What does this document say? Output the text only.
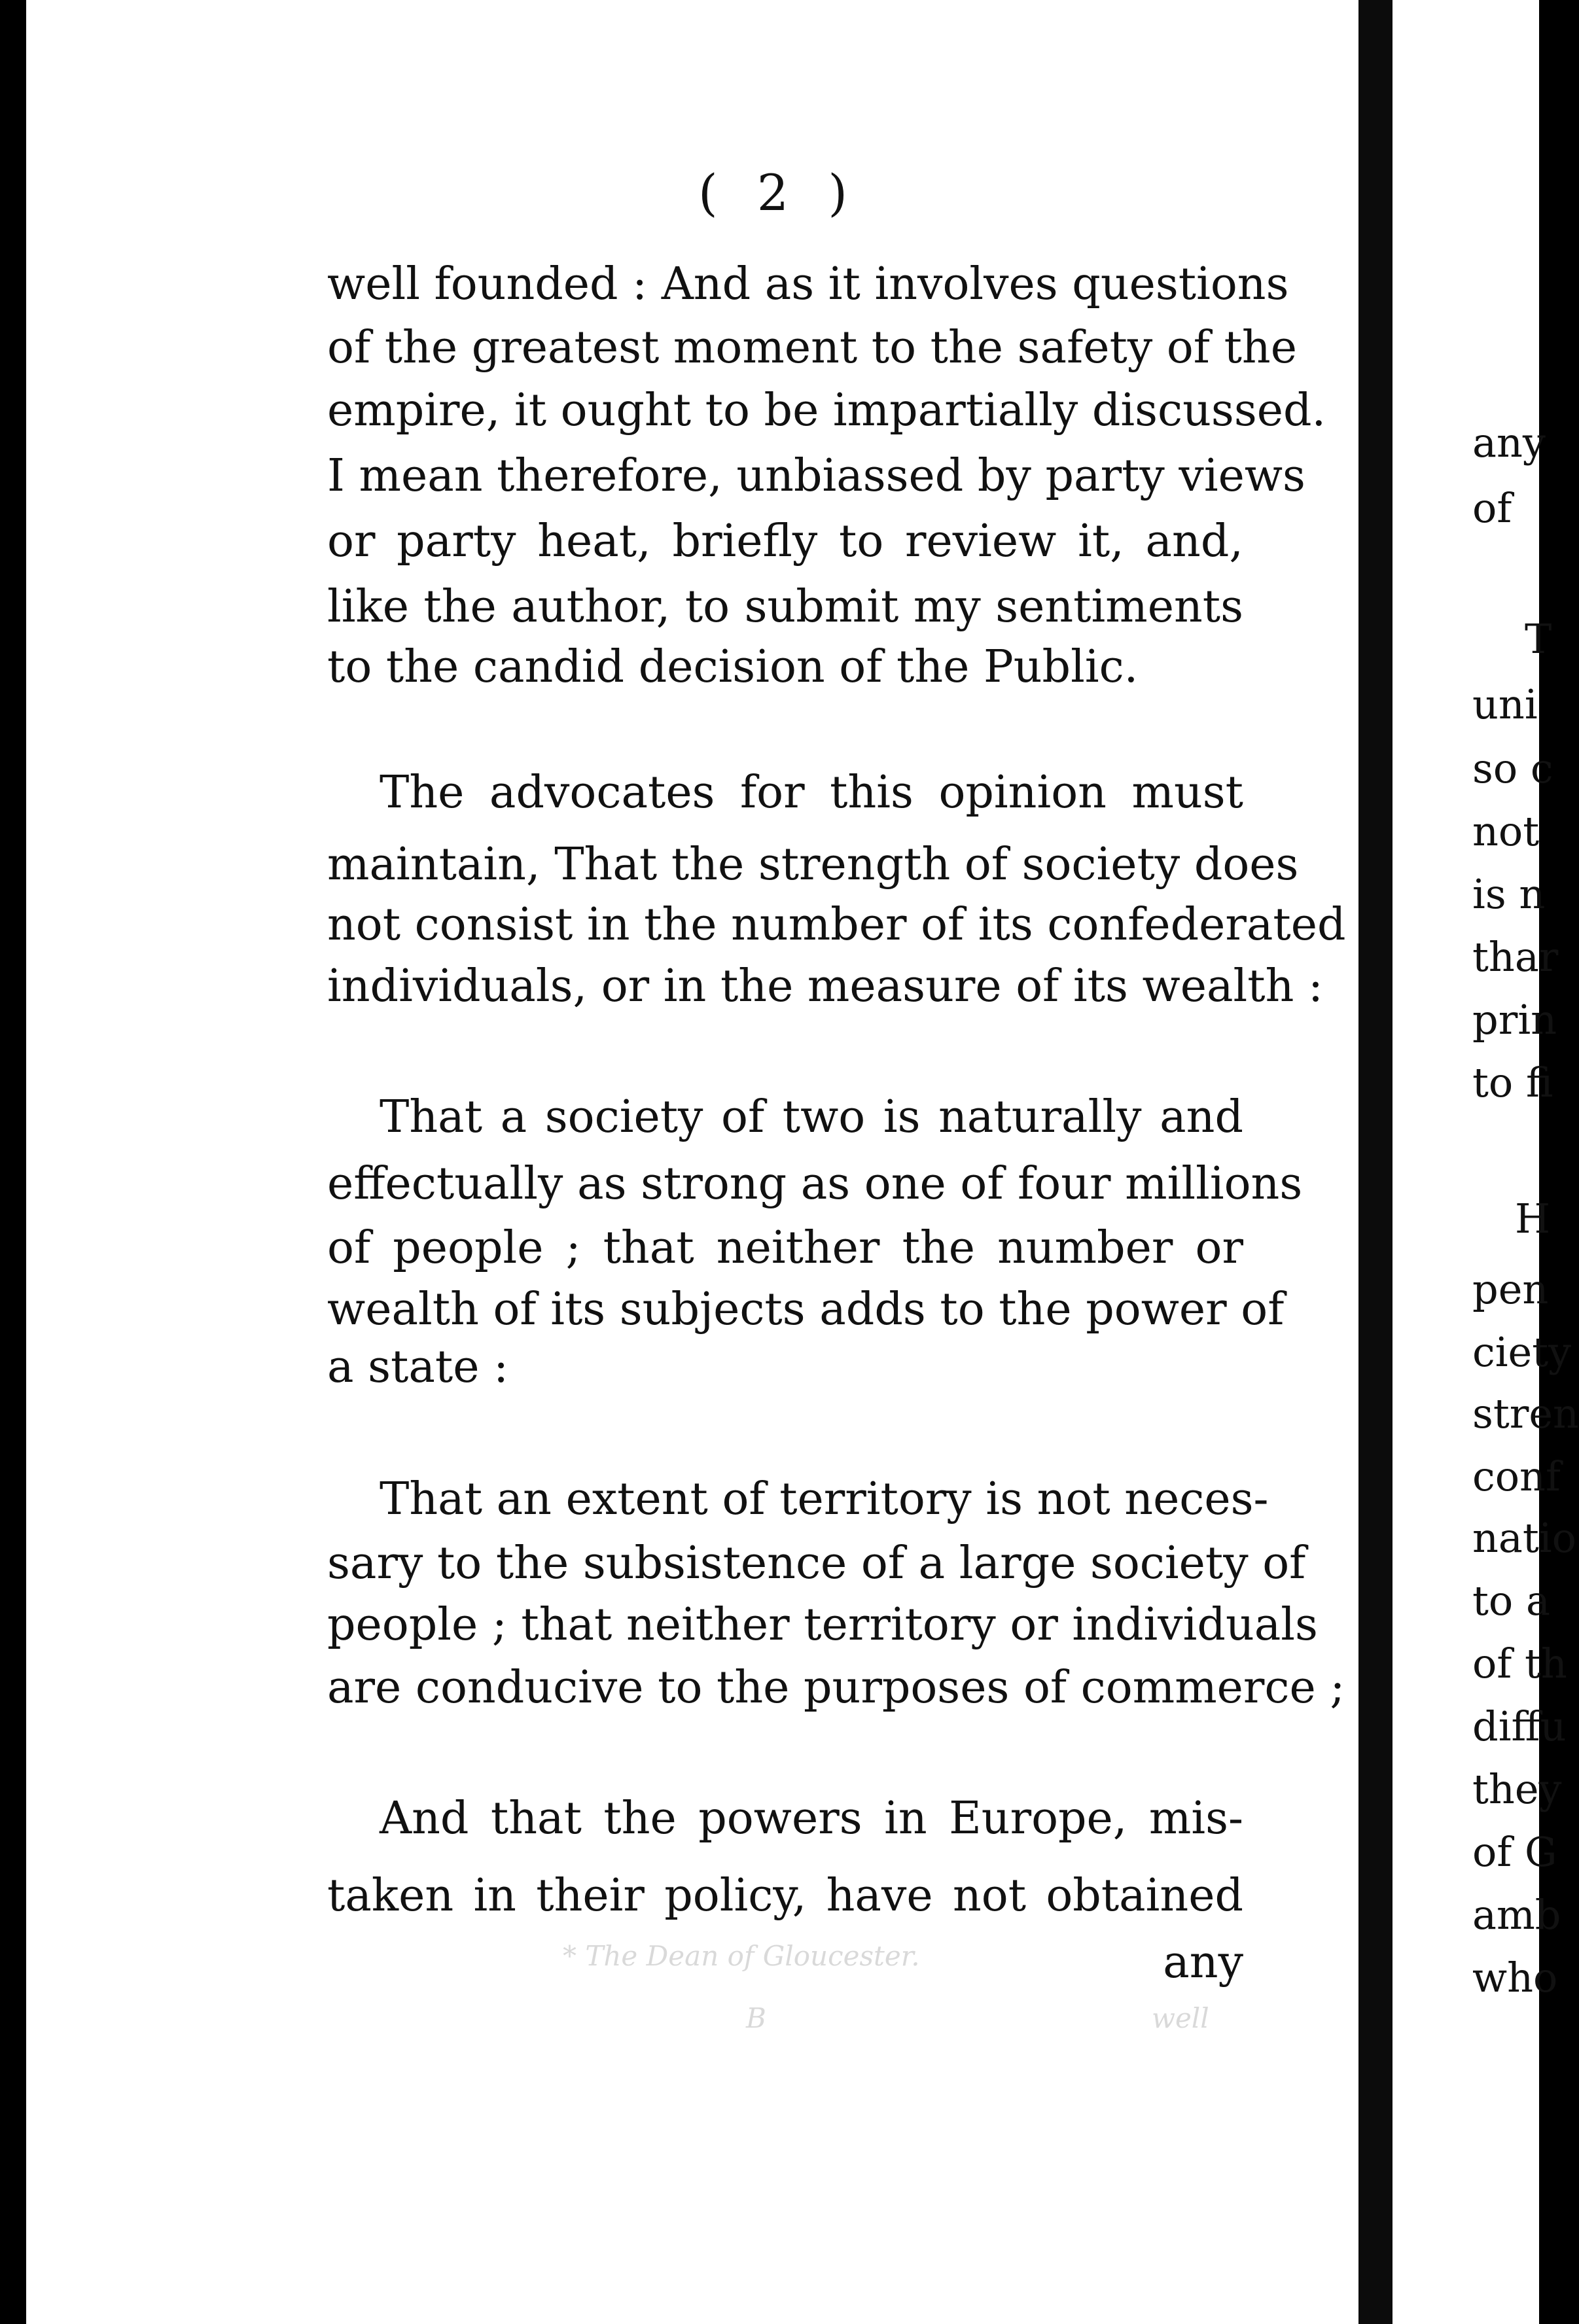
( 2 )
well founded : And as it involves questions
of the greatest moment to the safety of the
empire, it ought to be impartially discussed.
I mean therefore, unbiassed by party views
or party heat, briefly to review it, and,
like the author, to submit my sentiments
to the candid decision of the Public.
The advocates for this opinion must
maintain, That the strength of society does
not consist in the number of its confederated
individuals, or in the measure of its wealth :
That a society of two is naturally and
effectually as strong as one of four millions
of people ; that neither the number or
wealth of its subjects adds to the power of
a state :
That an extent of territory is not neces-
sary to the subsistence of a large society of
people ; that neither territory or individuals
are conducive to the purposes of commerce ;
And that the powers in Europe, mis-
taken in their policy, have not obtained
any
* The Dean of Gloucester.
well
B
any
of
T
uni
so c
not
is n
thar
prin
to fi
H
pen
ciety
stren
conf
natio
to a
of th
diffu
they
of G
amb
who
